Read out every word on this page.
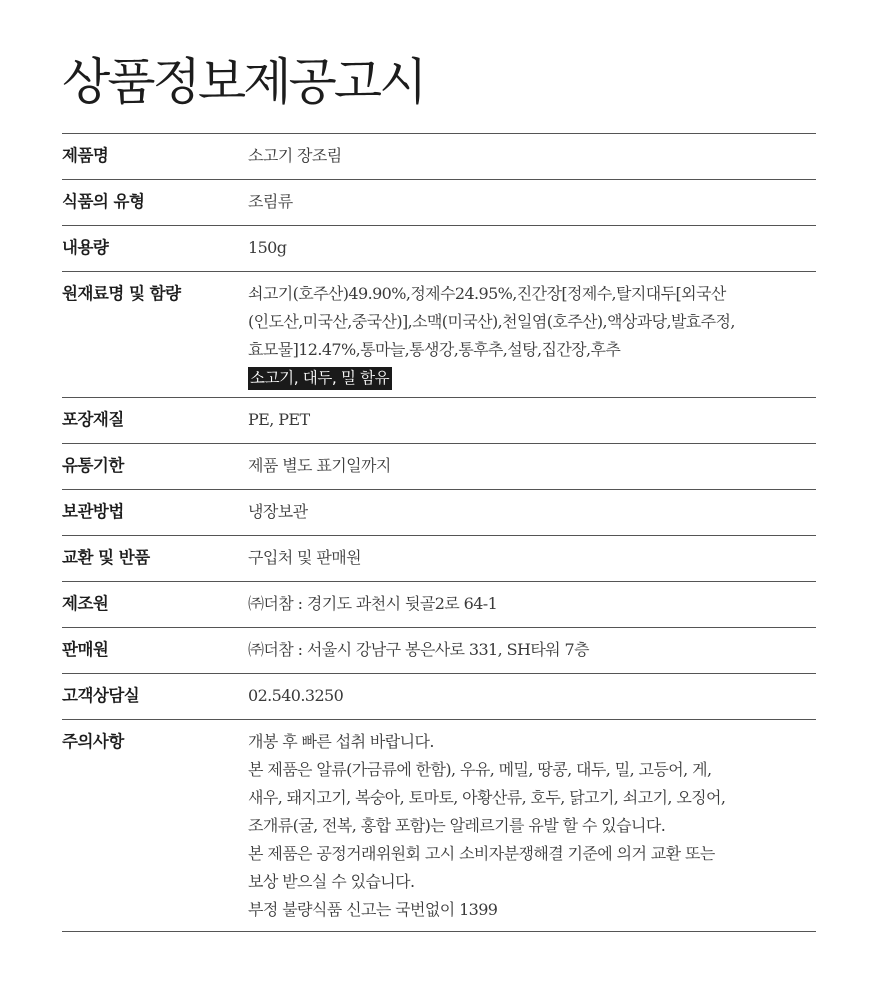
상품정보제공고시
제품명	소고기 장조림
식품의 유형	조림류
내용량	150g
원재료명 및 함량	쇠고기(호주산)49.90%,정제수24.95%,진간장[정제수,탈지대두[외국산
(인도산,미국산,중국산)],소맥(미국산),천일염(호주산),액상과당,발효주정,
효모물]12.47%,통마늘,통생강,통후추,설탕,집간장,후추
소고기, 대두, 밀 함유
포장재질	PE, PET
유통기한	제품 별도 표기일까지
보관방법	냉장보관
교환 및 반품	구입처 및 판매원
제조원	㈜더참 : 경기도 과천시 뒷골2로 64-1
판매원	㈜더참 : 서울시 강남구 봉은사로 331, SH타워 7층
고객상담실	02.540.3250
주의사항	개봉 후 빠른 섭취 바랍니다.
본 제품은 알류(가금류에 한함), 우유, 메밀, 땅콩, 대두, 밀, 고등어, 게,
새우, 돼지고기, 복숭아, 토마토, 아황산류, 호두, 닭고기, 쇠고기, 오징어,
조개류(굴, 전복, 홍합 포함)는 알레르기를 유발 할 수 있습니다.
본 제품은 공정거래위원회 고시 소비자분쟁해결 기준에 의거 교환 또는
보상 받으실 수 있습니다.
부정 불량식품 신고는 국번없이 1399
